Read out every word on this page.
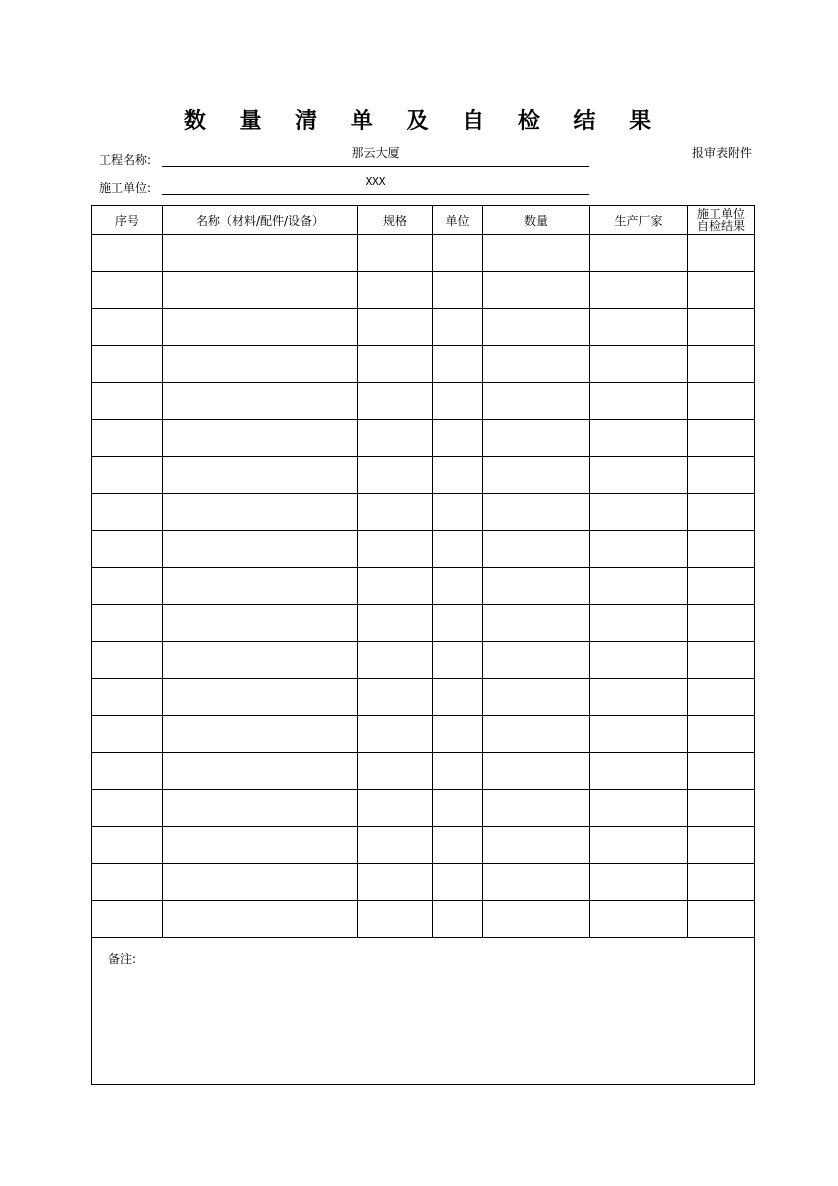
数 量 清 单 及 自 检 结 果
报审表附件
工程名称:	那云大厦
施工单位:	XXX
序号	名称（材料/配件/设备）	规格	单位	数量	生产厂家	施工单位
自检结果

备注:						
